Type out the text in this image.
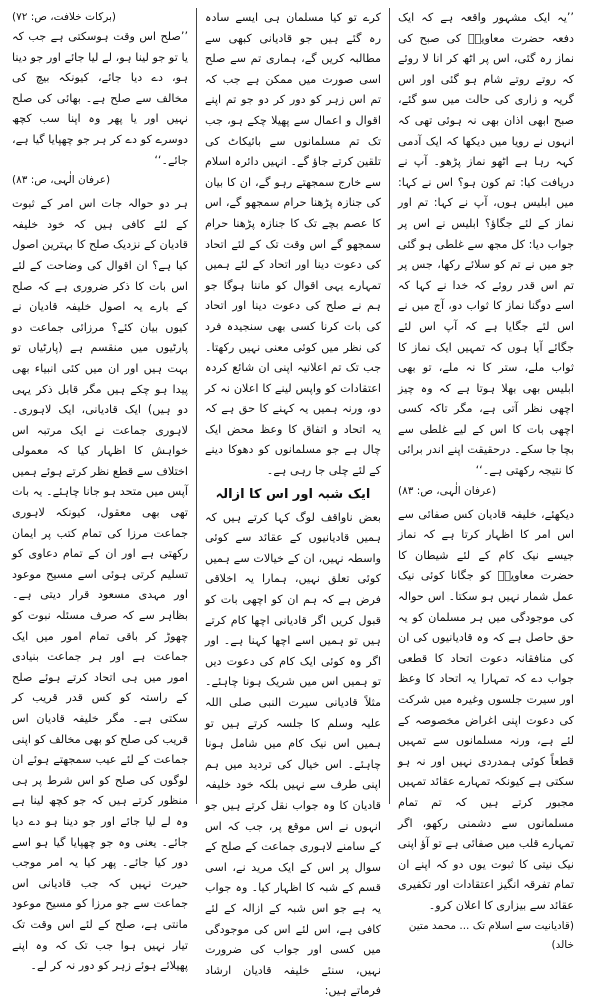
(برکات خلافت، ص: ۷۲)

’’صلح اس وقت ہوسکتی ہے جب کہ یا تو جو لینا ہو، لے لیا جائے اور جو دینا ہو، دے دیا جائے، کیونکہ بیچ کی مخالف سے صلح ہے۔ بھائی کی صلح نہیں اور یا پھر وہ اپنا سب کچھ دوسرے کو دے کر ہر جو چھپایا گیا ہے، جائے۔‘‘

(عرفان الٰہی، ص: ۸۳)

ہر دو حوالہ جات اس امر کے ثبوت کے لئے کافی ہیں کہ خود خلیفہ قادیان کے نزدیک صلح کا بہترین اصول کیا ہے؟ ان اقوال کی وضاحت کے لئے اس بات کا ذکر ضروری ہے کہ صلح کے بارے یہ اصول خلیفہ قادیان نے کیوں بیان کئے؟ مرزائی جماعت دو پارٹیوں میں منقسم ہے (پارٹیاں تو بہت ہیں اور ان میں کئی انبیاء بھی پیدا ہو چکے ہیں مگر قابل ذکر یہی دو ہیں) ایک قادیانی، ایک لاہوری۔ لاہوری جماعت نے ایک مرتبہ اس خواہش کا اظہار کیا کہ معمولی اختلاف سے قطع نظر کرتے ہوئے ہمیں آپس میں متحد ہو جانا چاہئے۔ یہ بات تھی بھی معقول، کیونکہ لاہوری جماعت مرزا کی تمام کتب پر ایمان رکھتی ہے اور ان کے تمام دعاوی کو تسلیم کرتی ہوئی اسے مسیح موعود اور مہدی مسعود قرار دیتی ہے۔ بظاہر سے کہ صرف مسئلہ نبوت کو چھوڑ کر باقی تمام امور میں ایک جماعت ہے اور ہر جماعت بنیادی امور میں ہی اتحاد کرتے ہوئے صلح کے راستہ کو کس قدر قریب کر سکتی ہے۔ مگر خلیفہ قادیان اس قریب کی صلح کو بھی مخالف کو اپنی جماعت کے لئے عیب سمجھتے ہوئے ان لوگوں کی صلح کو اس شرط پر ہی منظور کرتے ہیں کہ جو کچھ لینا ہے وہ لے لیا جائے اور جو دینا ہو دے دیا جائے۔ یعنی وہ جو چھپایا گیا ہو اسے دور کیا جائے۔ پھر کیا یہ امر موجب حیرت نہیں کہ جب قادیانی اس جماعت سے جو مرزا کو مسیح موعود مانتی ہے، صلح کے لئے اس وقت تک تیار نہیں ہوا جب تک کہ وہ اپنے پھیلائے ہوئے زہر کو دور نہ کر لے۔

کرے تو کیا مسلمان ہی ایسے سادہ رہ گئے ہیں جو قادیانی کبھی سے مطالبہ کریں گے، ہماری تم سے صلح اسی صورت میں ممکن ہے جب کہ تم اس زہر کو دور کر دو جو تم اپنے اقوال و اعمال سے پھیلا چکے ہو، جب تک تم مسلمانوں سے بائیکاٹ کی تلقین کرتے جاؤ گے۔ انہیں دائرہ اسلام سے خارج سمجھتے رہو گے، ان کا بیان کی جنازہ پڑھنا حرام سمجھو گے، اس کا عصم بچے تک کا جنازہ پڑھنا حرام سمجھو گے اس وقت تک کے لئے اتحاد کی دعوت دینا اور اتحاد کے لئے ہمیں تمہارے یہی اقوال کو ماننا ہوگا جو ہم نے صلح کی دعوت دینا اور اتحاد کی بات کرنا کسی بھی سنجیدہ فرد کی نظر میں کوئی معنی نہیں رکھتا۔ جب تک تم اعلانیہ اپنی ان شائع کردہ اعتقادات کو واپس لینے کا اعلان نہ کر دو، ورنہ ہمیں یہ کہنے کا حق ہے کہ یہ اتحاد و اتفاق کا وعظ محض ایک چال ہے جو مسلمانوں کو دھوکا دینے کے لئے چلی جا رہی ہے۔

ایک شبہ اور اس کا ازالہ

بعض ناواقف لوگ کہا کرتے ہیں کہ ہمیں قادیانیوں کے عقائد سے کوئی واسطہ نہیں، ان کے خیالات سے ہمیں کوئی تعلق نہیں، ہمارا یہ اخلاقی فرض ہے کہ ہم ان کو اچھی بات کو قبول کریں اگر قادیانی اچھا کام کرتے ہیں تو ہمیں اسے اچھا کہنا ہے۔ اور اگر وہ کوئی ایک کام کی دعوت دیں تو ہمیں اس میں شریک ہونا چاہئے۔ مثلاً قادیانی سیرت النبی صلی اللہ علیہ وسلم کا جلسہ کرتے ہیں تو ہمیں اس نیک کام میں شامل ہونا چاہئے۔ اس خیال کی تردید میں ہم اپنی طرف سے نہیں بلکہ خود خلیفہ قادیان کا وہ جواب نقل کرتے ہیں جو انہوں نے اس موقع پر، جب کہ اس کے سامنے لاہوری جماعت کے صلح کے سوال پر اس کے ایک مرید نے، اسی قسم کے شبہ کا اظہار کیا۔ وہ جواب یہ ہے جو اس شبہ کے ازالہ کے لئے کافی ہے، اس لئے اس کی موجودگی میں کسی اور جواب کی ضرورت نہیں، سنئے خلیفہ قادیان ارشاد فرماتے ہیں:

’’یہ ایک مشہور واقعہ ہے کہ ایک دفعہ حضرت معاویہؓ کی صبح کی نماز رہ گئی، اس پر اٹھ کر انا لا روئے کہ روتے روتے شام ہو گئی اور اس گریہ و زاری کی حالت میں سو گئے، صبح ابھی اذان بھی نہ ہوئی تھی کہ انہوں نے رویا میں دیکھا کہ ایک آدمی کہہ رہا ہے اٹھو نماز پڑھو۔ آپ نے دریافت کیا: تم کون ہو؟ اس نے کہا: میں ابلیس ہوں، آپ نے کہا: تم اور نماز کے لئے جگاؤ؟ ابلیس نے اس پر جواب دیا: کل مجھ سے غلطی ہو گئی جو میں نے تم کو سلائے رکھا، جس پر تم اس قدر روئے کہ خدا نے کہا کہ اسے دوگنا نماز کا ثواب دو، آج میں نے اس لئے جگایا ہے کہ آپ اس لئے جگائے آیا ہوں کہ تمہیں ایک نماز کا ثواب ملے، ستر کا نہ ملے، تو بھی ابلیس بھی بھلا ہوتا ہے کہ وہ چیز اچھی نظر آتی ہے، مگر تاکہ کسی اچھی بات کا اس کے لیے غلطی سے بچا جا سکے۔ درحقیقت اپنے اندر برائی کا نتیجہ رکھتی ہے۔‘‘

(عرفان الٰہی، ص: ۸۳)

دیکھئے، خلیفہ قادیان کس صفائی سے اس امر کا اظہار کرتا ہے کہ نماز جیسے نیک کام کے لئے شیطان کا حضرت معاویہؓ کو جگانا کوئی نیک عمل شمار نہیں ہو سکتا۔ اس حوالہ کی موجودگی میں ہر مسلمان کو یہ حق حاصل ہے کہ وہ قادیانیوں کی ان کی منافقانہ دعوت اتحاد کا قطعی جواب دے کہ تمہارا یہ اتحاد کا وعظ اور سیرت جلسوں وغیرہ میں شرکت کی دعوت اپنی اغراض مخصوصہ کے لئے ہے، ورنہ مسلمانوں سے تمہیں قطعاً کوئی ہمدردی نہیں اور نہ ہو سکتی ہے کیونکہ تمہارے عقائد تمہیں مجبور کرتے ہیں کہ تم تمام مسلمانوں سے دشمنی رکھو، اگر تمہارے قلب میں صفائی ہے تو آؤ اپنی نیک نیتی کا ثبوت یوں دو کہ اپنے ان تمام تفرقہ انگیز اعتقادات اور تکفیری عقائد سے بیزاری کا اعلان کرو۔

(قادیانیت سے اسلام تک ... محمد متین خالد)
